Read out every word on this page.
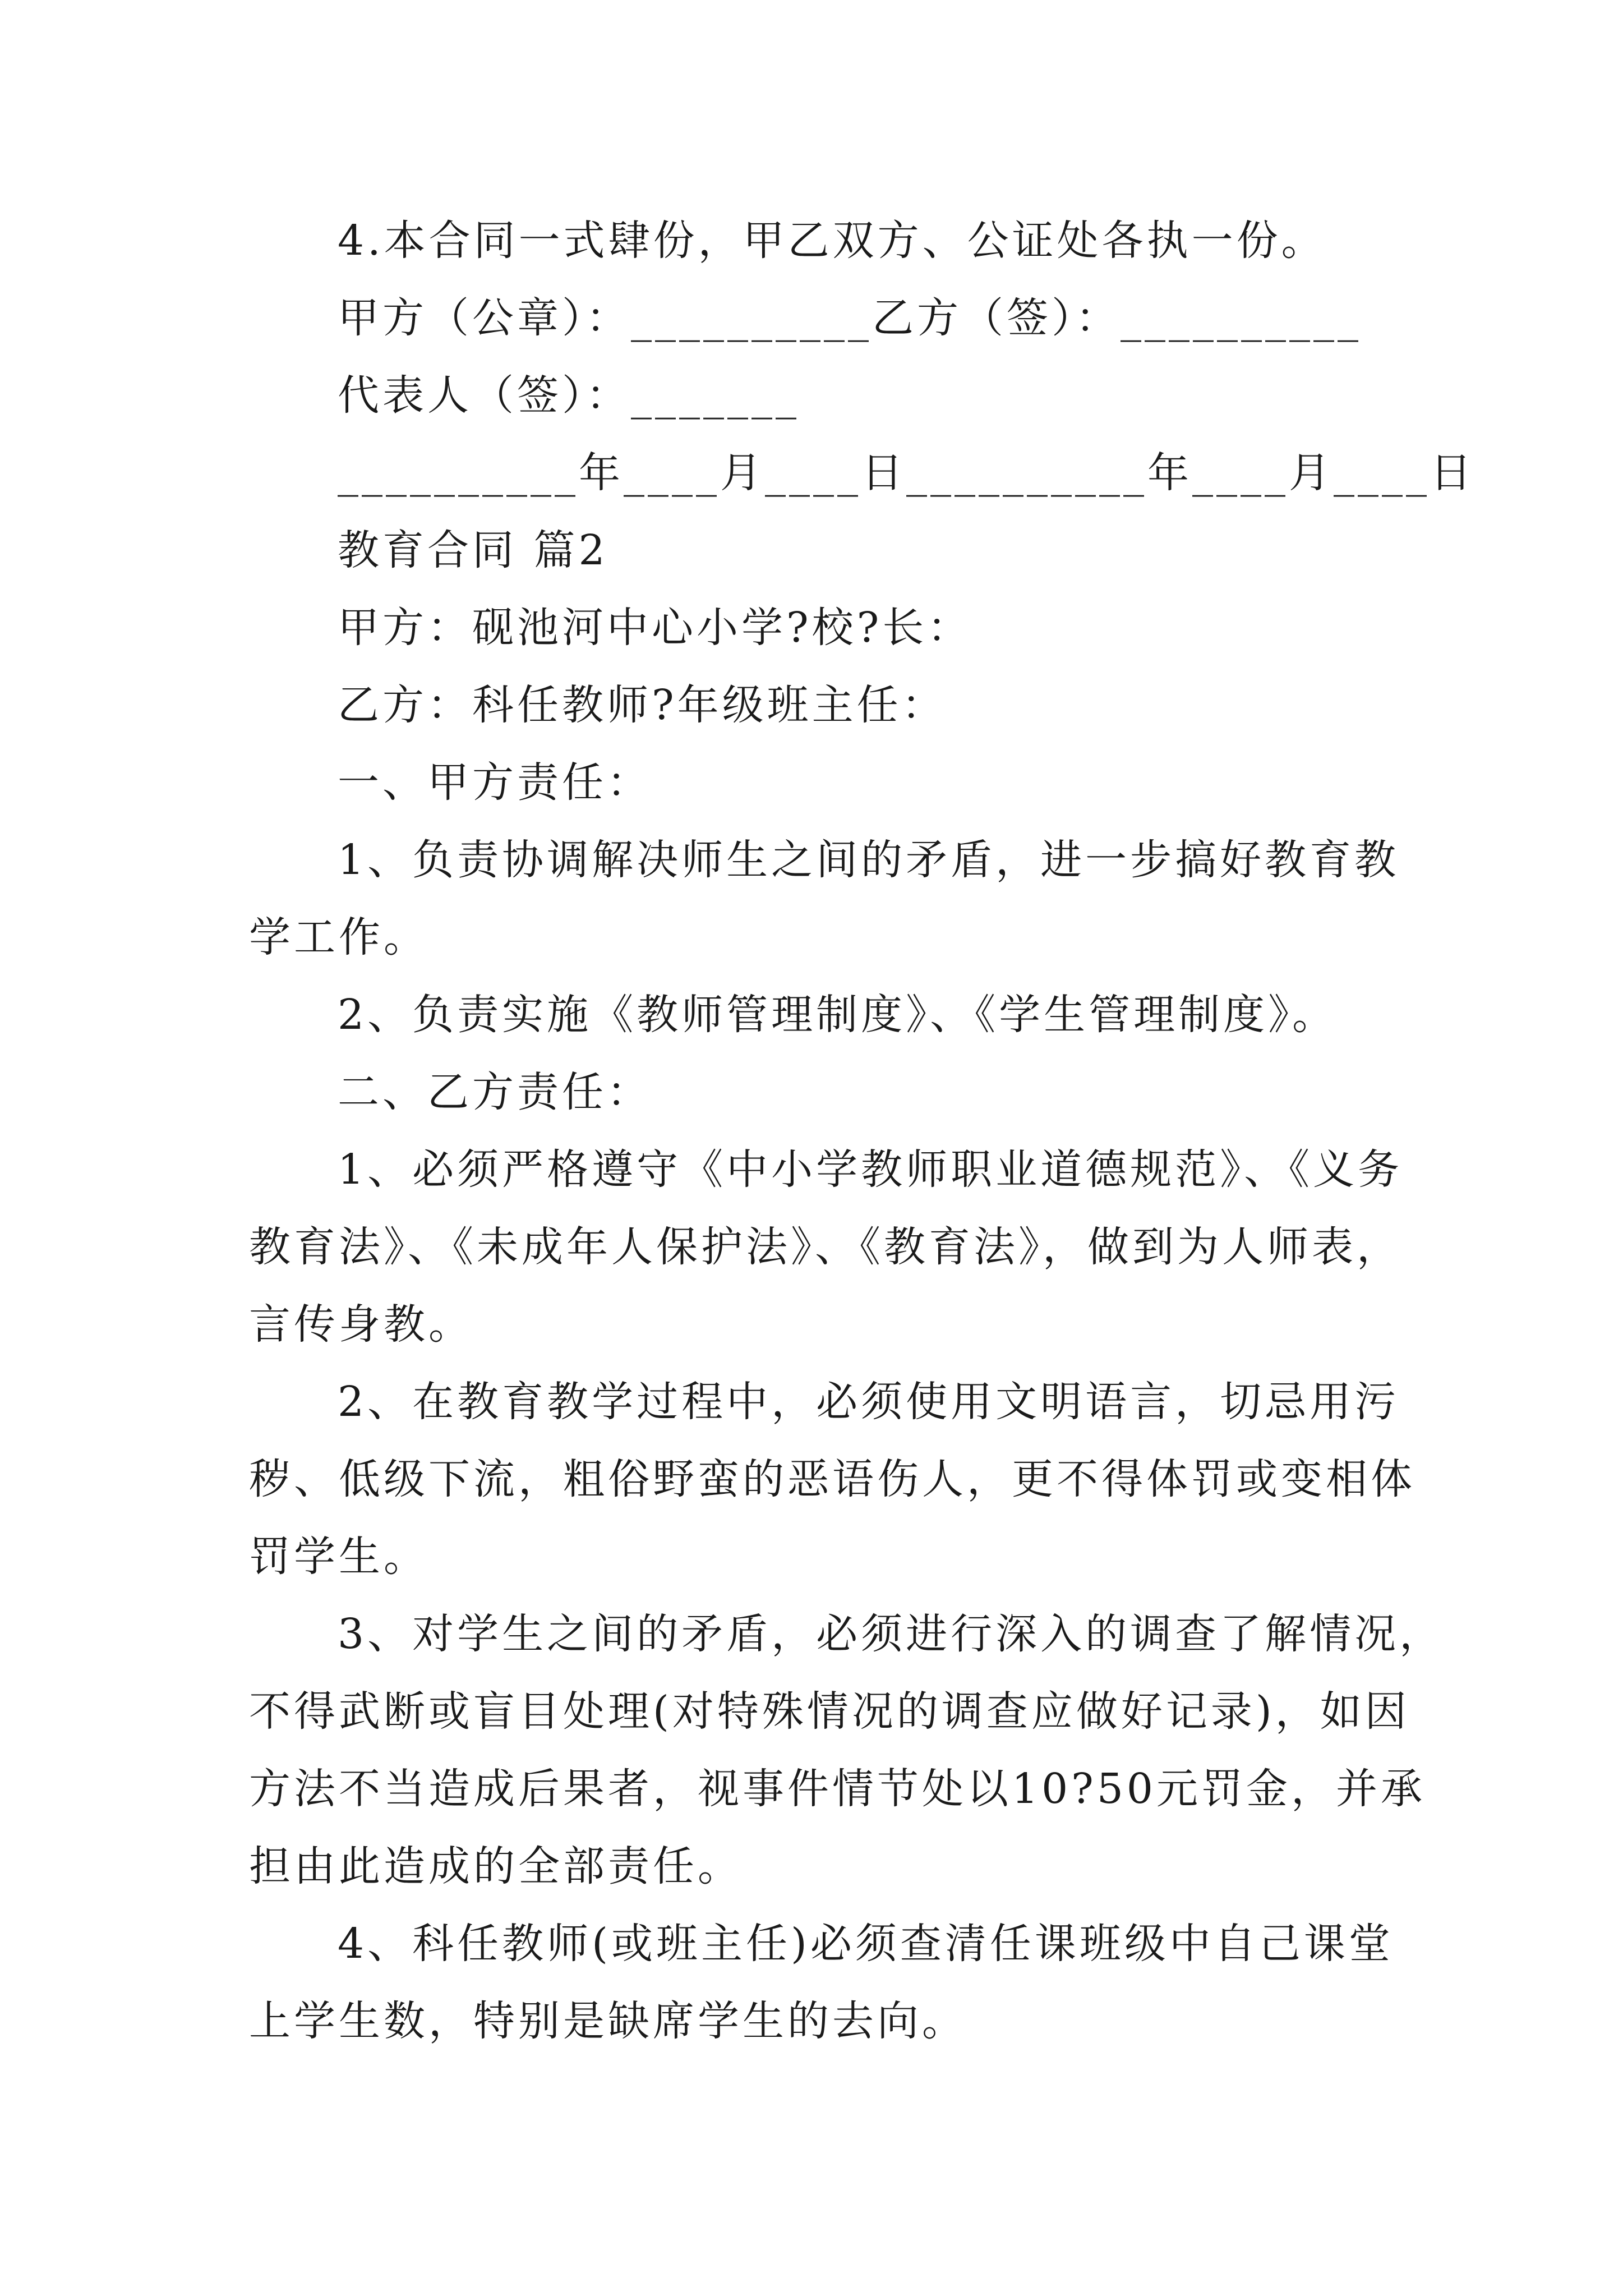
4.本合同一式肆份，甲乙双方、公证处各执一份。
甲方（公章）：__________乙方（签）：__________
代表人（签）：_______
__________年____月____日__________年____月____日
教育合同 篇2
甲方：砚池河中心小学?校?长：
乙方：科任教师?年级班主任：
一、甲方责任：
1、负责协调解决师生之间的矛盾，进一步搞好教育教
学工作。
2、负责实施《教师管理制度》、《学生管理制度》。
二、乙方责任：
1、必须严格遵守《中小学教师职业道德规范》、《义务
教育法》、《未成年人保护法》、《教育法》，做到为人师表，
言传身教。
2、在教育教学过程中，必须使用文明语言，切忌用污
秽、低级下流，粗俗野蛮的恶语伤人，更不得体罚或变相体
罚学生。
3、对学生之间的矛盾，必须进行深入的调查了解情况，
不得武断或盲目处理(对特殊情况的调查应做好记录)，如因
方法不当造成后果者，视事件情节处以10?50元罚金，并承
担由此造成的全部责任。
4、科任教师(或班主任)必须查清任课班级中自己课堂
上学生数，特别是缺席学生的去向。
